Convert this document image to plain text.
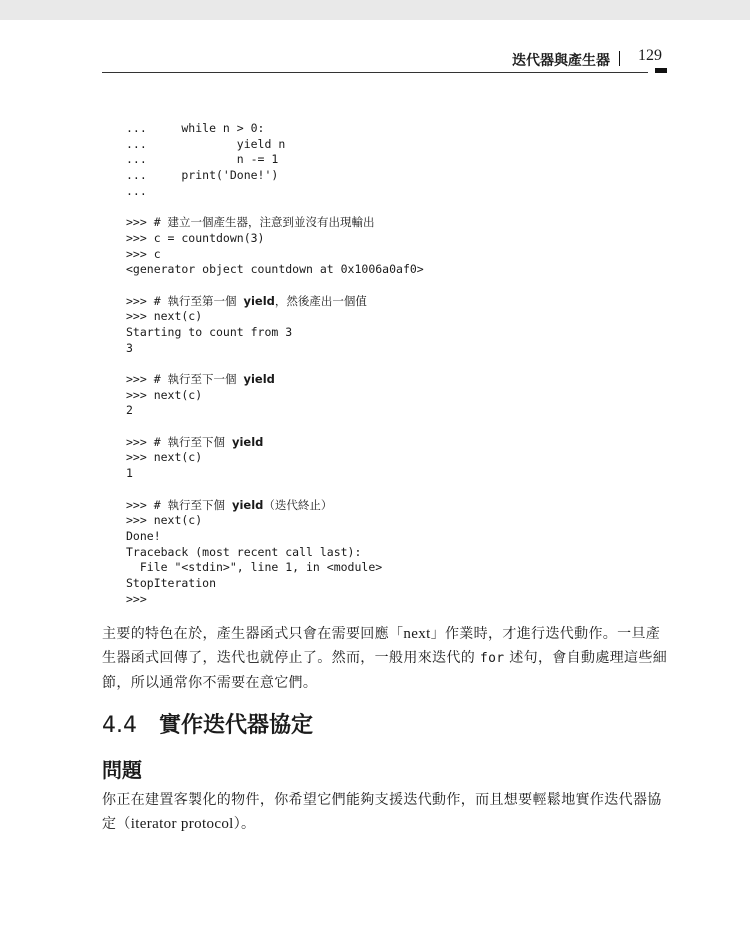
迭代器與產生器 129
...     while n > 0:
...             yield n
...             n -= 1
...     print('Done!')
...
>>> # 建立一個產生器，注意到並沒有出現輸出
>>> c = countdown(3)
>>> c
<generator object countdown at 0x1006a0af0>
>>> # 執行至第一個 yield，然後產出一個值
>>> next(c)
Starting to count from 3
3
>>> # 執行至下一個 yield
>>> next(c)
2
>>> # 執行至下個 yield
>>> next(c)
1
>>> # 執行至下個 yield（迭代終止）
>>> next(c)
Done!
Traceback (most recent call last):
File "<stdin>", line 1, in <module>
StopIteration
>>>

主要的特色在於，產生器函式只會在需要回應「next」作業時，才進行迭代動作。一旦產生器函式回傳了，迭代也就停止了。然而，一般用來迭代的 for 述句，會自動處理這些細節，所以通常你不需要在意它們。

4.4 實作迭代器協定
問題

你正在建置客製化的物件，你希望它們能夠支援迭代動作，而且想要輕鬆地實作迭代器協定（iterator protocol）。
